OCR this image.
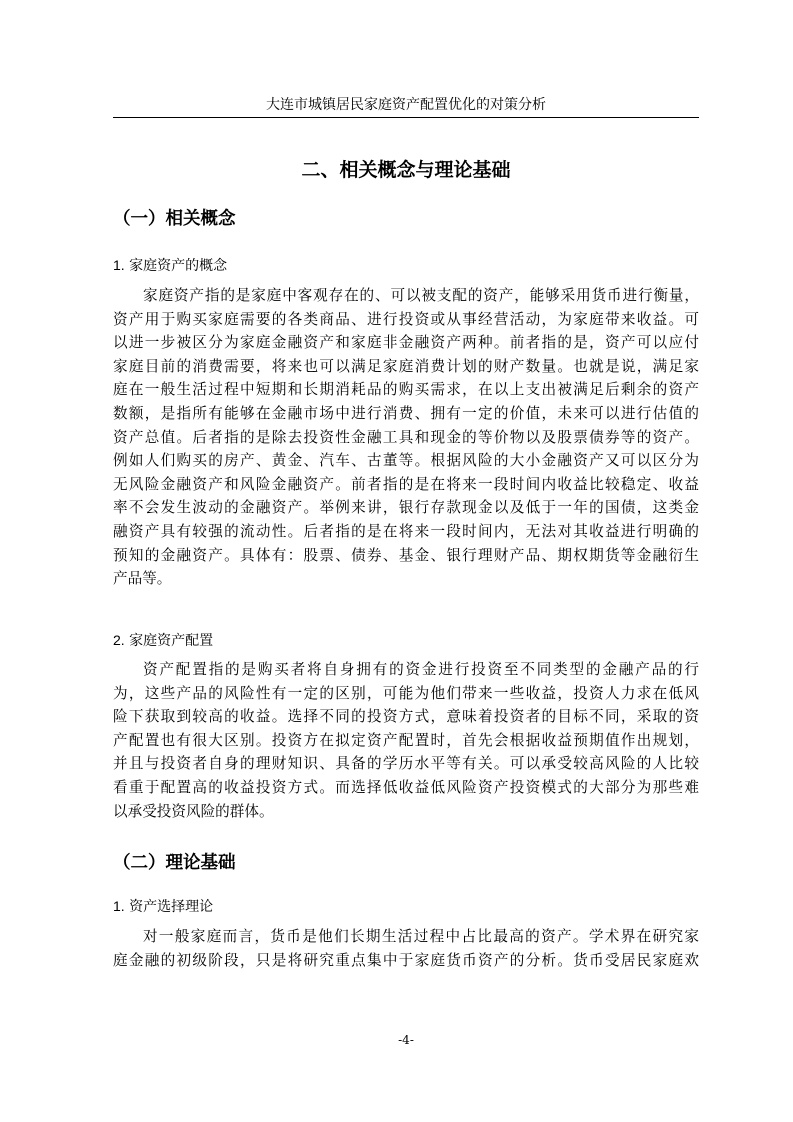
大连市城镇居民家庭资产配置优化的对策分析
二、相关概念与理论基础
（一）相关概念
1. 家庭资产的概念
家庭资产指的是家庭中客观存在的、可以被支配的资产，能够采用货币进行衡量，
资产用于购买家庭需要的各类商品、进行投资或从事经营活动，为家庭带来收益。可
以进一步被区分为家庭金融资产和家庭非金融资产两种。前者指的是，资产可以应付
家庭目前的消费需要，将来也可以满足家庭消费计划的财产数量。也就是说，满足家
庭在一般生活过程中短期和长期消耗品的购买需求，在以上支出被满足后剩余的资产
数额，是指所有能够在金融市场中进行消费、拥有一定的价值，未来可以进行估值的
资产总值。后者指的是除去投资性金融工具和现金的等价物以及股票债券等的资产。
例如人们购买的房产、黄金、汽车、古董等。根据风险的大小金融资产又可以区分为
无风险金融资产和风险金融资产。前者指的是在将来一段时间内收益比较稳定、收益
率不会发生波动的金融资产。举例来讲，银行存款现金以及低于一年的国债，这类金
融资产具有较强的流动性。后者指的是在将来一段时间内，无法对其收益进行明确的
预知的金融资产。具体有：股票、债券、基金、银行理财产品、期权期货等金融衍生
产品等。
2. 家庭资产配置
资产配置指的是购买者将自身拥有的资金进行投资至不同类型的金融产品的行
为，这些产品的风险性有一定的区别，可能为他们带来一些收益，投资人力求在低风
险下获取到较高的收益。选择不同的投资方式，意味着投资者的目标不同，采取的资
产配置也有很大区别。投资方在拟定资产配置时，首先会根据收益预期值作出规划，
并且与投资者自身的理财知识、具备的学历水平等有关。可以承受较高风险的人比较
看重于配置高的收益投资方式。而选择低收益低风险资产投资模式的大部分为那些难
以承受投资风险的群体。
（二）理论基础
1. 资产选择理论
对一般家庭而言，货币是他们长期生活过程中占比最高的资产。学术界在研究家
庭金融的初级阶段，只是将研究重点集中于家庭货币资产的分析。货币受居民家庭欢
-4-
